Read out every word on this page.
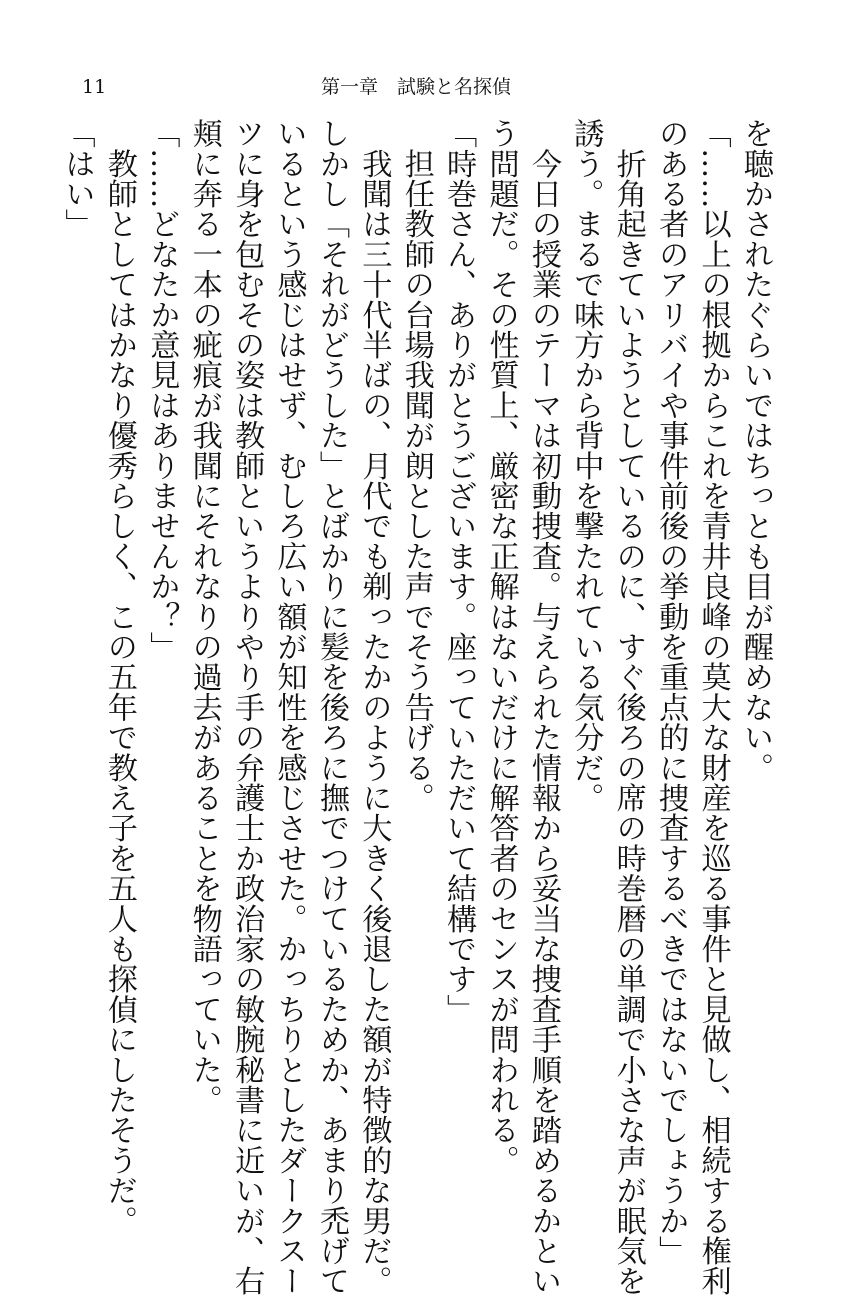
11	第一章　試験と名探偵
を聴かされたぐらいではちっとも目が醒めない。
「……以上の根拠からこれを青井良峰の莫大な財産を巡る事件と見做し、相続する権利
のある者のアリバイや事件前後の挙動を重点的に捜査するべきではないでしょうか」
　折角起きていようとしているのに、すぐ後ろの席の時巻暦の単調で小さな声が眠気を
誘う。まるで味方から背中を撃たれている気分だ。
　今日の授業のテーマは初動捜査。与えられた情報から妥当な捜査手順を踏めるかとい
う問題だ。その性質上、厳密な正解はないだけに解答者のセンスが問われる。
「時巻さん、ありがとうございます。座っていただいて結構です」
　担任教師の台場我聞が朗とした声でそう告げる。
　我聞は三十代半ばの、月代でも剃ったかのように大きく後退した額が特徴的な男だ。
しかし「それがどうした」とばかりに髪を後ろに撫でつけているためか、あまり禿げて
いるという感じはせず、むしろ広い額が知性を感じさせた。かっちりとしたダークスー
ツに身を包むその姿は教師というよりやり手の弁護士か政治家の敏腕秘書に近いが、右
頬に奔る一本の疵痕が我聞にそれなりの過去があることを物語っていた。
「……どなたか意見はありませんか？」
　教師としてはかなり優秀らしく、この五年で教え子を五人も探偵にしたそうだ。
「はい」
